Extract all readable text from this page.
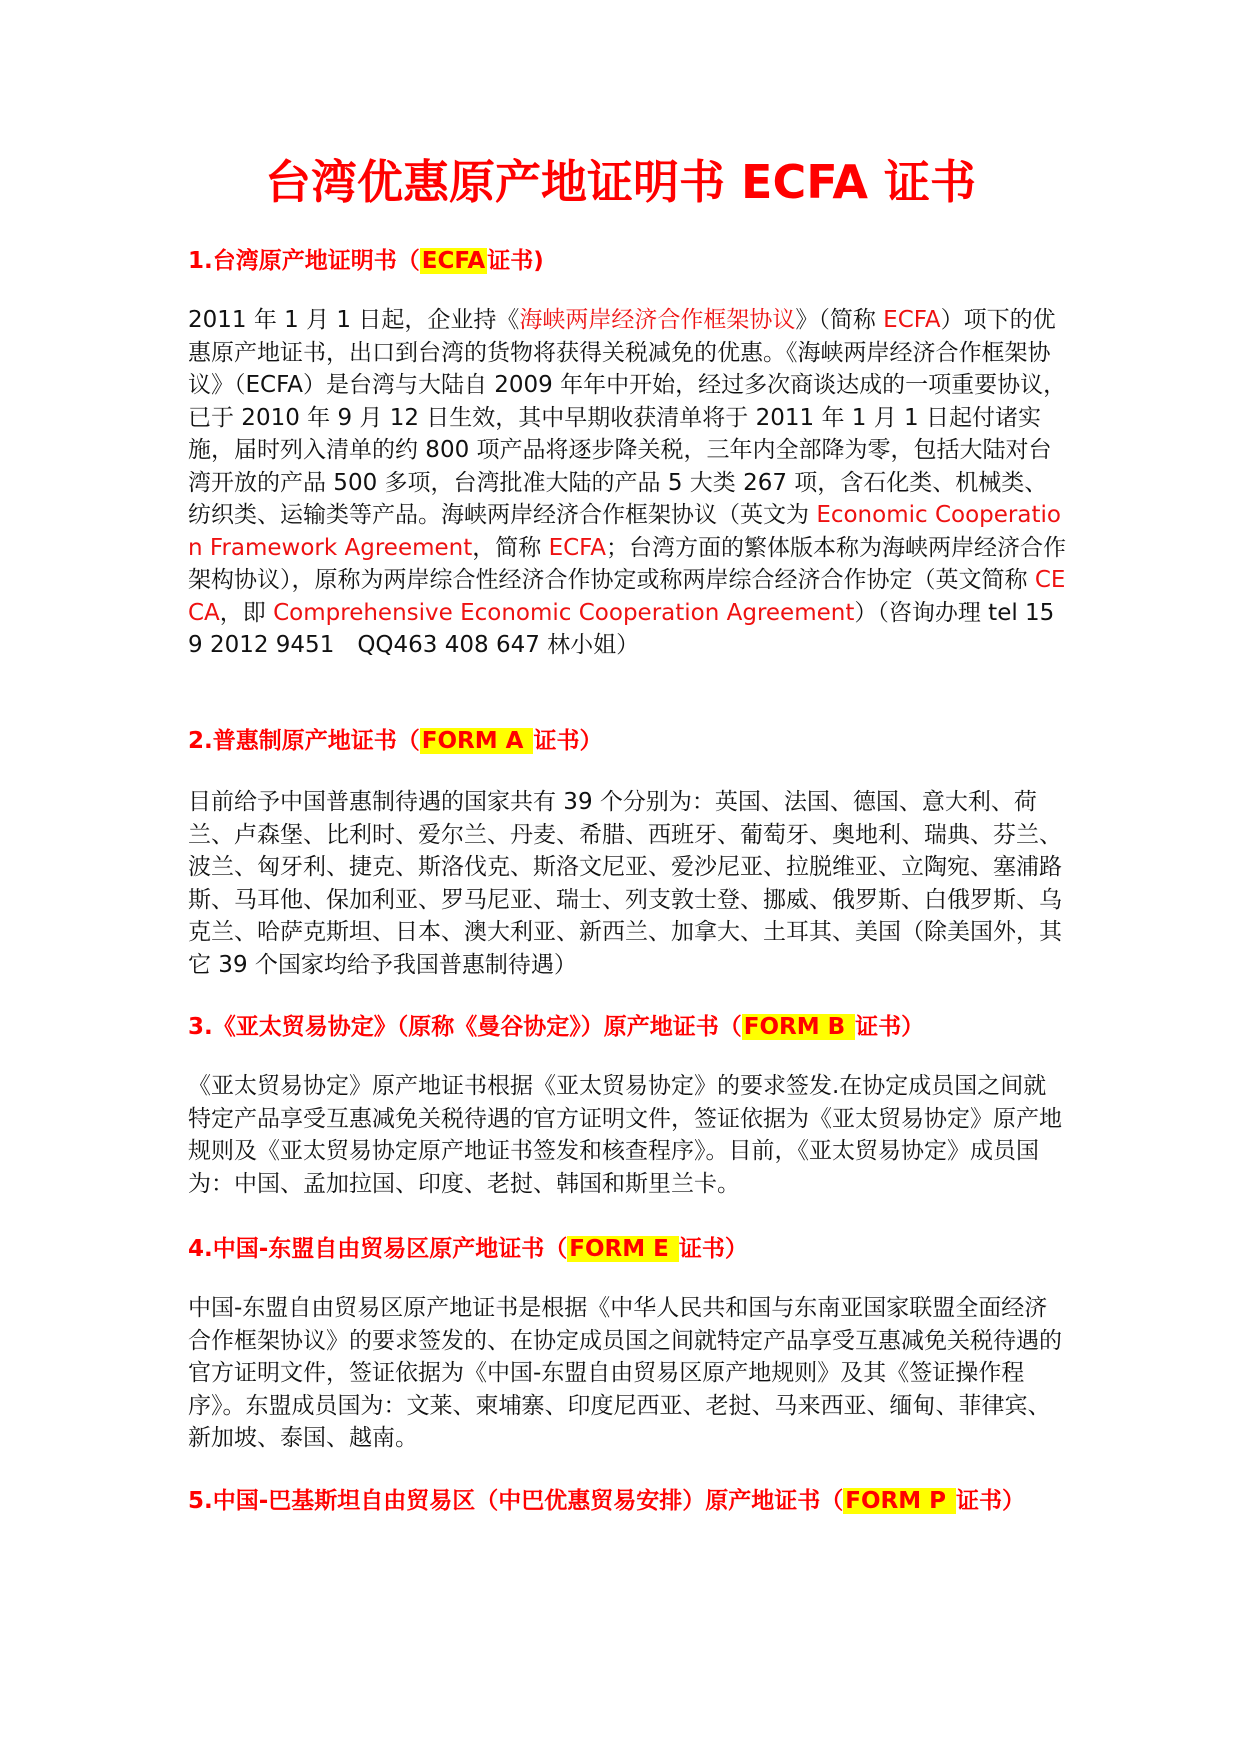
台湾优惠原产地证明书 ECFA 证书
1.台湾原产地证明书（ECFA证书)

2011 年 1 月 1 日起，企业持《海峡两岸经济合作框架协议》（简称 ECFA）项下的优惠原产地证书，出口到台湾的货物将获得关税减免的优惠。《海峡两岸经济合作框架协议》（ECFA）是台湾与大陆自 2009 年年中开始，经过多次商谈达成的一项重要协议，已于 2010 年 9 月 12 日生效，其中早期收获清单将于 2011 年 1 月 1 日起付诸实施，届时列入清单的约 800 项产品将逐步降关税，三年内全部降为零，包括大陆对台湾开放的产品 500 多项，台湾批准大陆的产品 5 大类 267 项，含石化类、机械类、纺织类、运输类等产品。海峡两岸经济合作框架协议（英文为 Economic Cooperation Framework Agreement，简称 ECFA；台湾方面的繁体版本称为海峡两岸经济合作架构协议），原称为两岸综合性经济合作协定或称两岸综合经济合作协定（英文简称 CECA，即 Comprehensive Economic Cooperation Agreement）（咨询办理 tel 159 2012 9451　QQ463 408 647 林小姐）

2.普惠制原产地证书（FORM A 证书）

目前给予中国普惠制待遇的国家共有 39 个分别为：英国、法国、德国、意大利、荷兰、卢森堡、比利时、爱尔兰、丹麦、希腊、西班牙、葡萄牙、奥地利、瑞典、芬兰、波兰、匈牙利、捷克、斯洛伐克、斯洛文尼亚、爱沙尼亚、拉脱维亚、立陶宛、塞浦路斯、马耳他、保加利亚、罗马尼亚、瑞士、列支敦士登、挪威、俄罗斯、白俄罗斯、乌克兰、哈萨克斯坦、日本、澳大利亚、新西兰、加拿大、土耳其、美国（除美国外，其它 39 个国家均给予我国普惠制待遇）

3.《亚太贸易协定》（原称《曼谷协定》）原产地证书（FORM B 证书）

《亚太贸易协定》原产地证书根据《亚太贸易协定》的要求签发.在协定成员国之间就特定产品享受互惠减免关税待遇的官方证明文件，签证依据为《亚太贸易协定》原产地规则及《亚太贸易协定原产地证书签发和核查程序》。目前，《亚太贸易协定》成员国为：中国、孟加拉国、印度、老挝、韩国和斯里兰卡。

4.中国-东盟自由贸易区原产地证书（FORM E 证书）

中国-东盟自由贸易区原产地证书是根据《中华人民共和国与东南亚国家联盟全面经济合作框架协议》的要求签发的、在协定成员国之间就特定产品享受互惠减免关税待遇的官方证明文件，签证依据为《中国-东盟自由贸易区原产地规则》及其《签证操作程序》。东盟成员国为：文莱、柬埔寨、印度尼西亚、老挝、马来西亚、缅甸、菲律宾、新加坡、泰国、越南。

5.中国-巴基斯坦自由贸易区（中巴优惠贸易安排）原产地证书（FORM P 证书）
